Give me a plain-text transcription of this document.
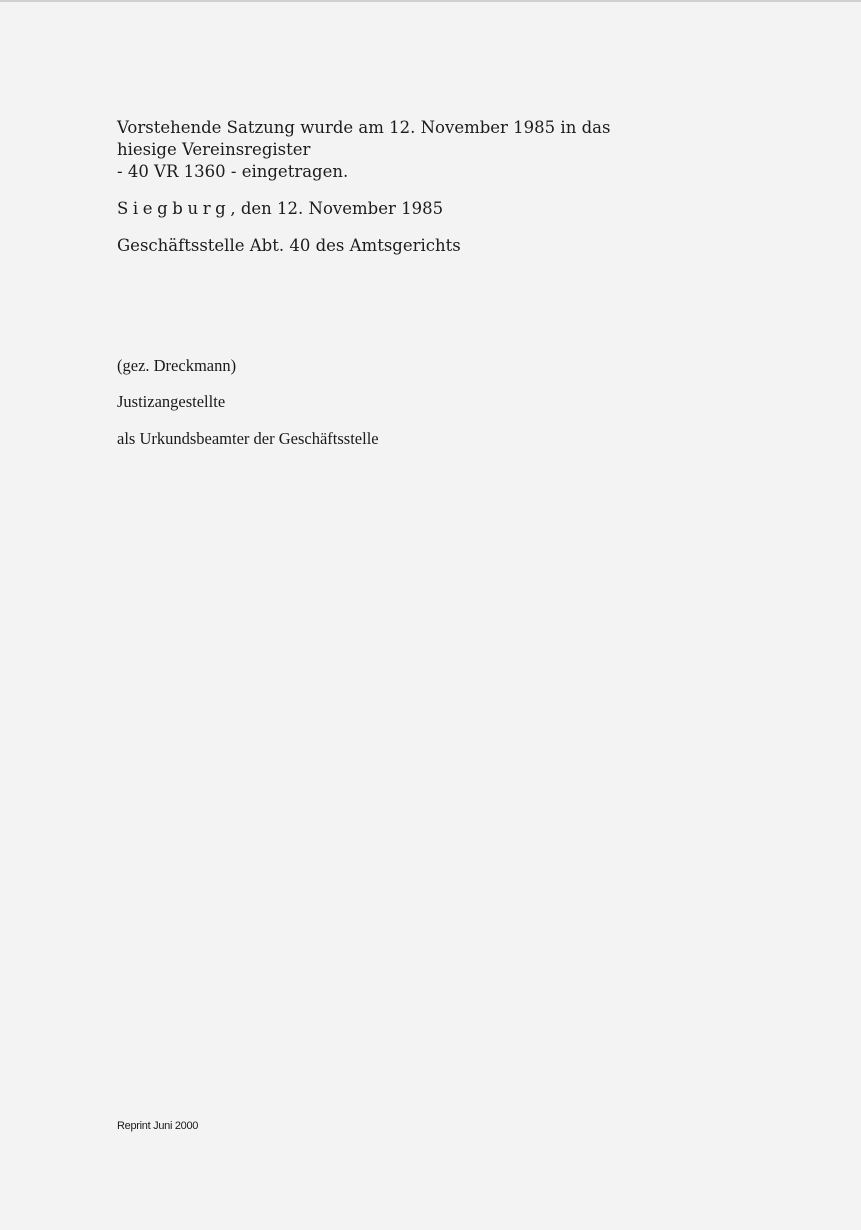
Vorstehende Satzung wurde am 12. November 1985 in das
hiesige Vereinsregister
- 40 VR 1360 - eingetragen.
Siegburg, den 12. November 1985
Geschäftsstelle Abt. 40 des Amtsgerichts
(gez. Dreckmann)
Justizangestellte
als Urkundsbeamter der Geschäftsstelle
Reprint Juni 2000
